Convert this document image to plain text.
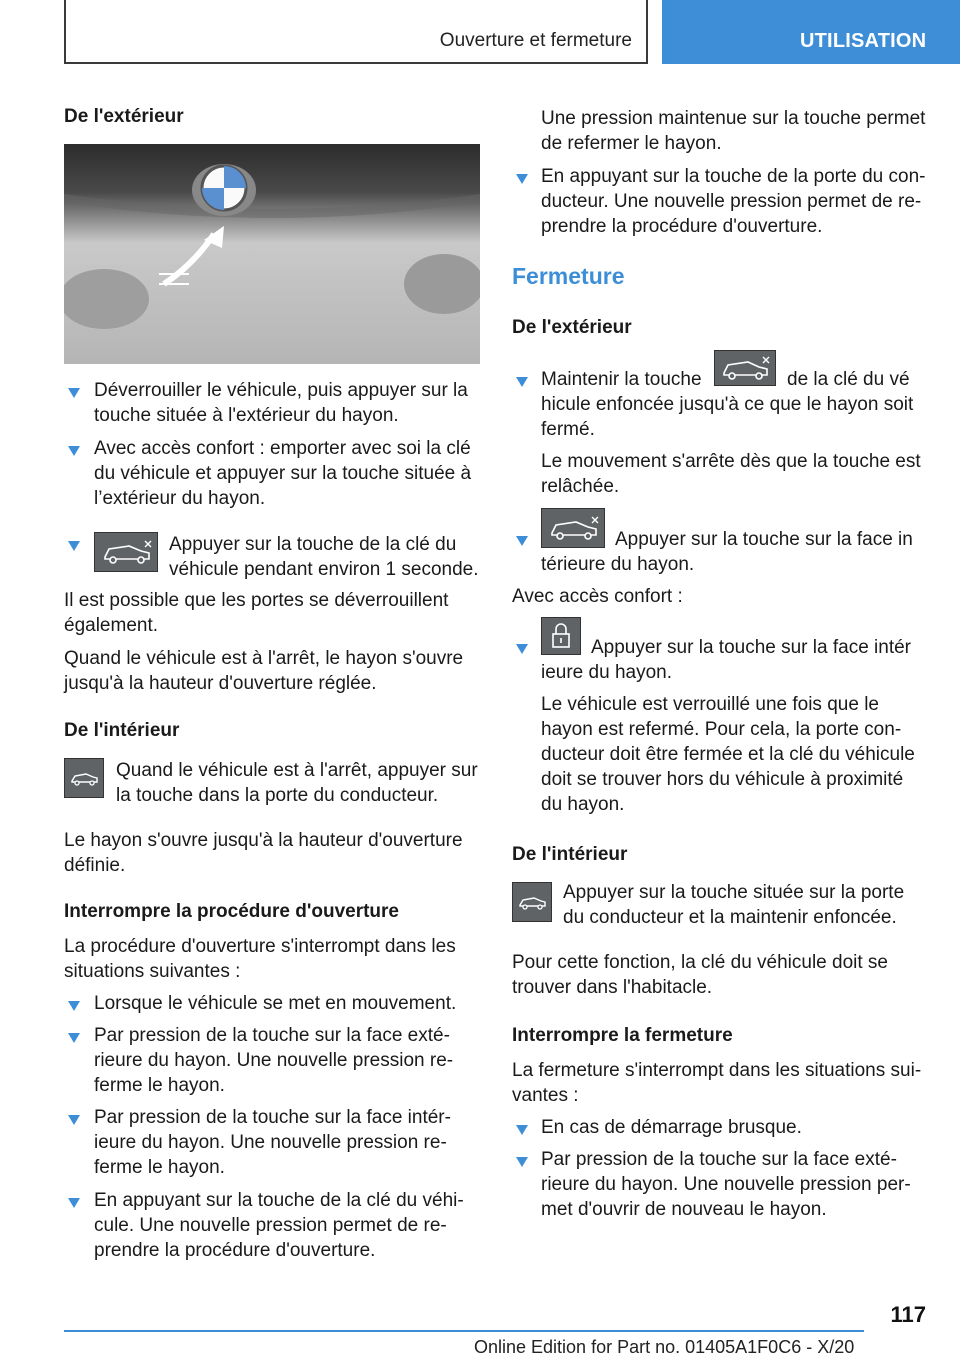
Ouverture et fermeture	UTILISATION
De l'extérieur

Déverrouiller le véhicule, puis appuyer sur la touche située à l'extérieur du hayon.

Avec accès confort : emporter avec soi la clé du véhicule et appuyer sur la touche située à l’extérieur du hayon.

Appuyer sur la touche de la clé du véhicule pendant environ 1 seconde.

Il est possible que les portes se déverrouillent également.

Quand le véhicule est à l'arrêt, le hayon s'ouvre jusqu'à la hauteur d'ouverture réglée.

De l'intérieur

Quand le véhicule est à l'arrêt, appuyer sur la touche dans la porte du conducteur.

Le hayon s'ouvre jusqu'à la hauteur d'ouverture définie.

Interrompre la procédure d'ouverture

La procédure d'ouverture s'interrompt dans les situations suivantes :

Lorsque le véhicule se met en mouvement.

Par pression de la touche sur la face extérieure du hayon. Une nouvelle pression referme le hayon.

Par pression de la touche sur la face intérieure du hayon. Une nouvelle pression referme le hayon.

En appuyant sur la touche de la clé du véhicule. Une nouvelle pression permet de reprendre la procédure d'ouverture.

Une pression maintenue sur la touche permet de refermer le hayon.

En appuyant sur la touche de la porte du conducteur. Une nouvelle pression permet de reprendre la procédure d'ouverture.

Fermeture
De l'extérieur
Maintenir la touche	de la clé du vé

hicule enfoncée jusqu'à ce que le hayon soit fermé.

Le mouvement s'arrête dès que la touche est relâchée.

Appuyer sur la touche sur la face in

térieure du hayon.

Avec accès confort :

Appuyer sur la touche sur la face intér

ieure du hayon.

Le véhicule est verrouillé une fois que le hayon est refermé. Pour cela, la porte conducteur doit être fermée et la clé du véhicule doit se trouver hors du véhicule à proximité du hayon.

De l'intérieur

Appuyer sur la touche située sur la porte du conducteur et la maintenir enfoncée.

Pour cette fonction, la clé du véhicule doit se trouver dans l'habitacle.

Interrompre la fermeture

La fermeture s'interrompt dans les situations suivantes :

En cas de démarrage brusque.

Par pression de la touche sur la face extérieure du hayon. Une nouvelle pression permet d'ouvrir de nouveau le hayon.

117
Online Edition for Part no. 01405A1F0C6 - X/20
